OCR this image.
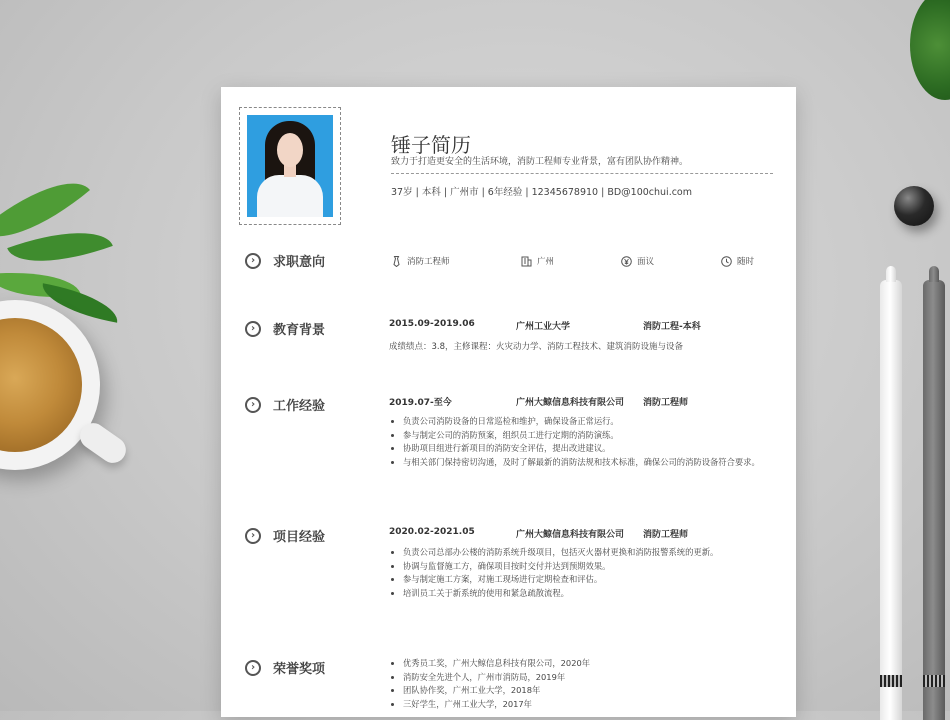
锤子简历
致力于打造更安全的生活环境，消防工程师专业背景，富有团队协作精神。
37岁 | 本科 | 广州市 | 6年经验 | 12345678910 | BD@100chui.com
›	求职意向	消防工程师	广州	面议	随时
›	教育背景	2015.09-2019.06	广州工业大学	消防工程-本科
成绩绩点：3.8，主修课程：火灾动力学、消防工程技术、建筑消防设施与设备
›	工作经验	2019.07-至今	广州大鲸信息科技有限公司 消防工程师
• 负责公司消防设备的日常巡检和维护，确保设备正常运行。
• 参与制定公司的消防预案，组织员工进行定期的消防演练。
• 协助项目组进行新项目的消防安全评估，提出改进建议。
• 与相关部门保持密切沟通，及时了解最新的消防法规和技术标准，确保公司的消防设备符合要求。
›	项目经验	2020.02-2021.05	广州大鲸信息科技有限公司 消防工程师
• 负责公司总部办公楼的消防系统升级项目，包括灭火器材更换和消防报警系统的更新。
• 协调与监督施工方，确保项目按时交付并达到预期效果。
• 参与制定施工方案，对施工现场进行定期检查和评估。
• 培训员工关于新系统的使用和紧急疏散流程。
›	荣誉奖项
•	优秀员工奖，广州大鲸信息科技有限公司，2020年
• 消防安全先进个人，广州市消防局，2019年
• 团队协作奖，广州工业大学，2018年
• 三好学生，广州工业大学，2017年
